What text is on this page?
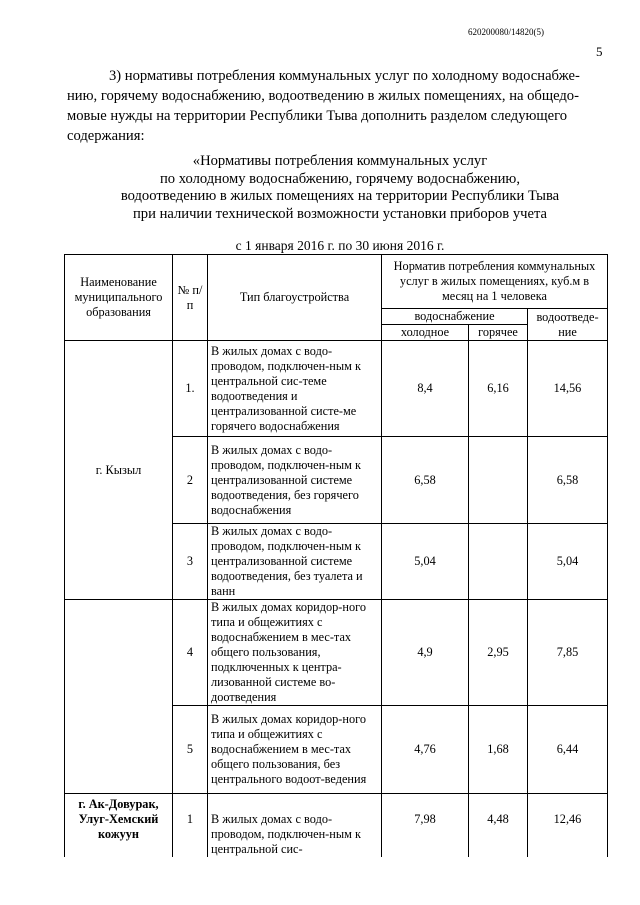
620200080/14820(5)
5

3) нормативы потребления коммунальных услуг по холодному водоснабже-

нию, горячему водоснабжению, водоотведению в жилых помещениях, на общедо-

мовые нужды на территории Республики Тыва дополнить разделом следующего

содержания:

«Нормативы потребления коммунальных услуг
по холодному водоснабжению, горячему водоснабжению,
водоотведению в жилых помещениях на территории Республики Тыва
при наличии технической возможности установки приборов учета
с 1 января 2016 г. по 30 июня 2016 г.
Наименование муниципального образования	№ п/п	Тип благоустройства	Норматив потребления коммунальных услуг в жилых помещениях, куб.м в месяц на 1 человека		
			водоснабжение		водоотведе-ние
			холодное	горячее	
г. Кызыл	1.	В жилых домах с водо-проводом, подключен-ным к центральной сис-теме водоотведения и централизованной систе-ме горячего водоснабжения	8,4	6,16	14,56
	2	В жилых домах с водо-проводом, подключен-ным к централизованной системе водоотведения, без горячего водоснабжения	6,58		6,58
	3	В жилых домах с водо-проводом, подключен-ным к централизованной системе водоотведения, без туалета и ванн	5,04		5,04
	4	В жилых домах коридор-ного типа и общежитиях с водоснабжением в мес-тах общего пользования, подключенных к центра-лизованной системе во-доотведения	4,9	2,95	7,85
	5	В жилых домах коридор-ного типа и общежитиях с водоснабжением в мес-тах общего пользования, без центрального водоот-ведения	4,76	1,68	6,44
г. Ак-Довурак, Улуг-Хемский кожуун	1	В жилых домах с водо-проводом, подключен-ным к центральной сис-	7,98	4,48	12,46
